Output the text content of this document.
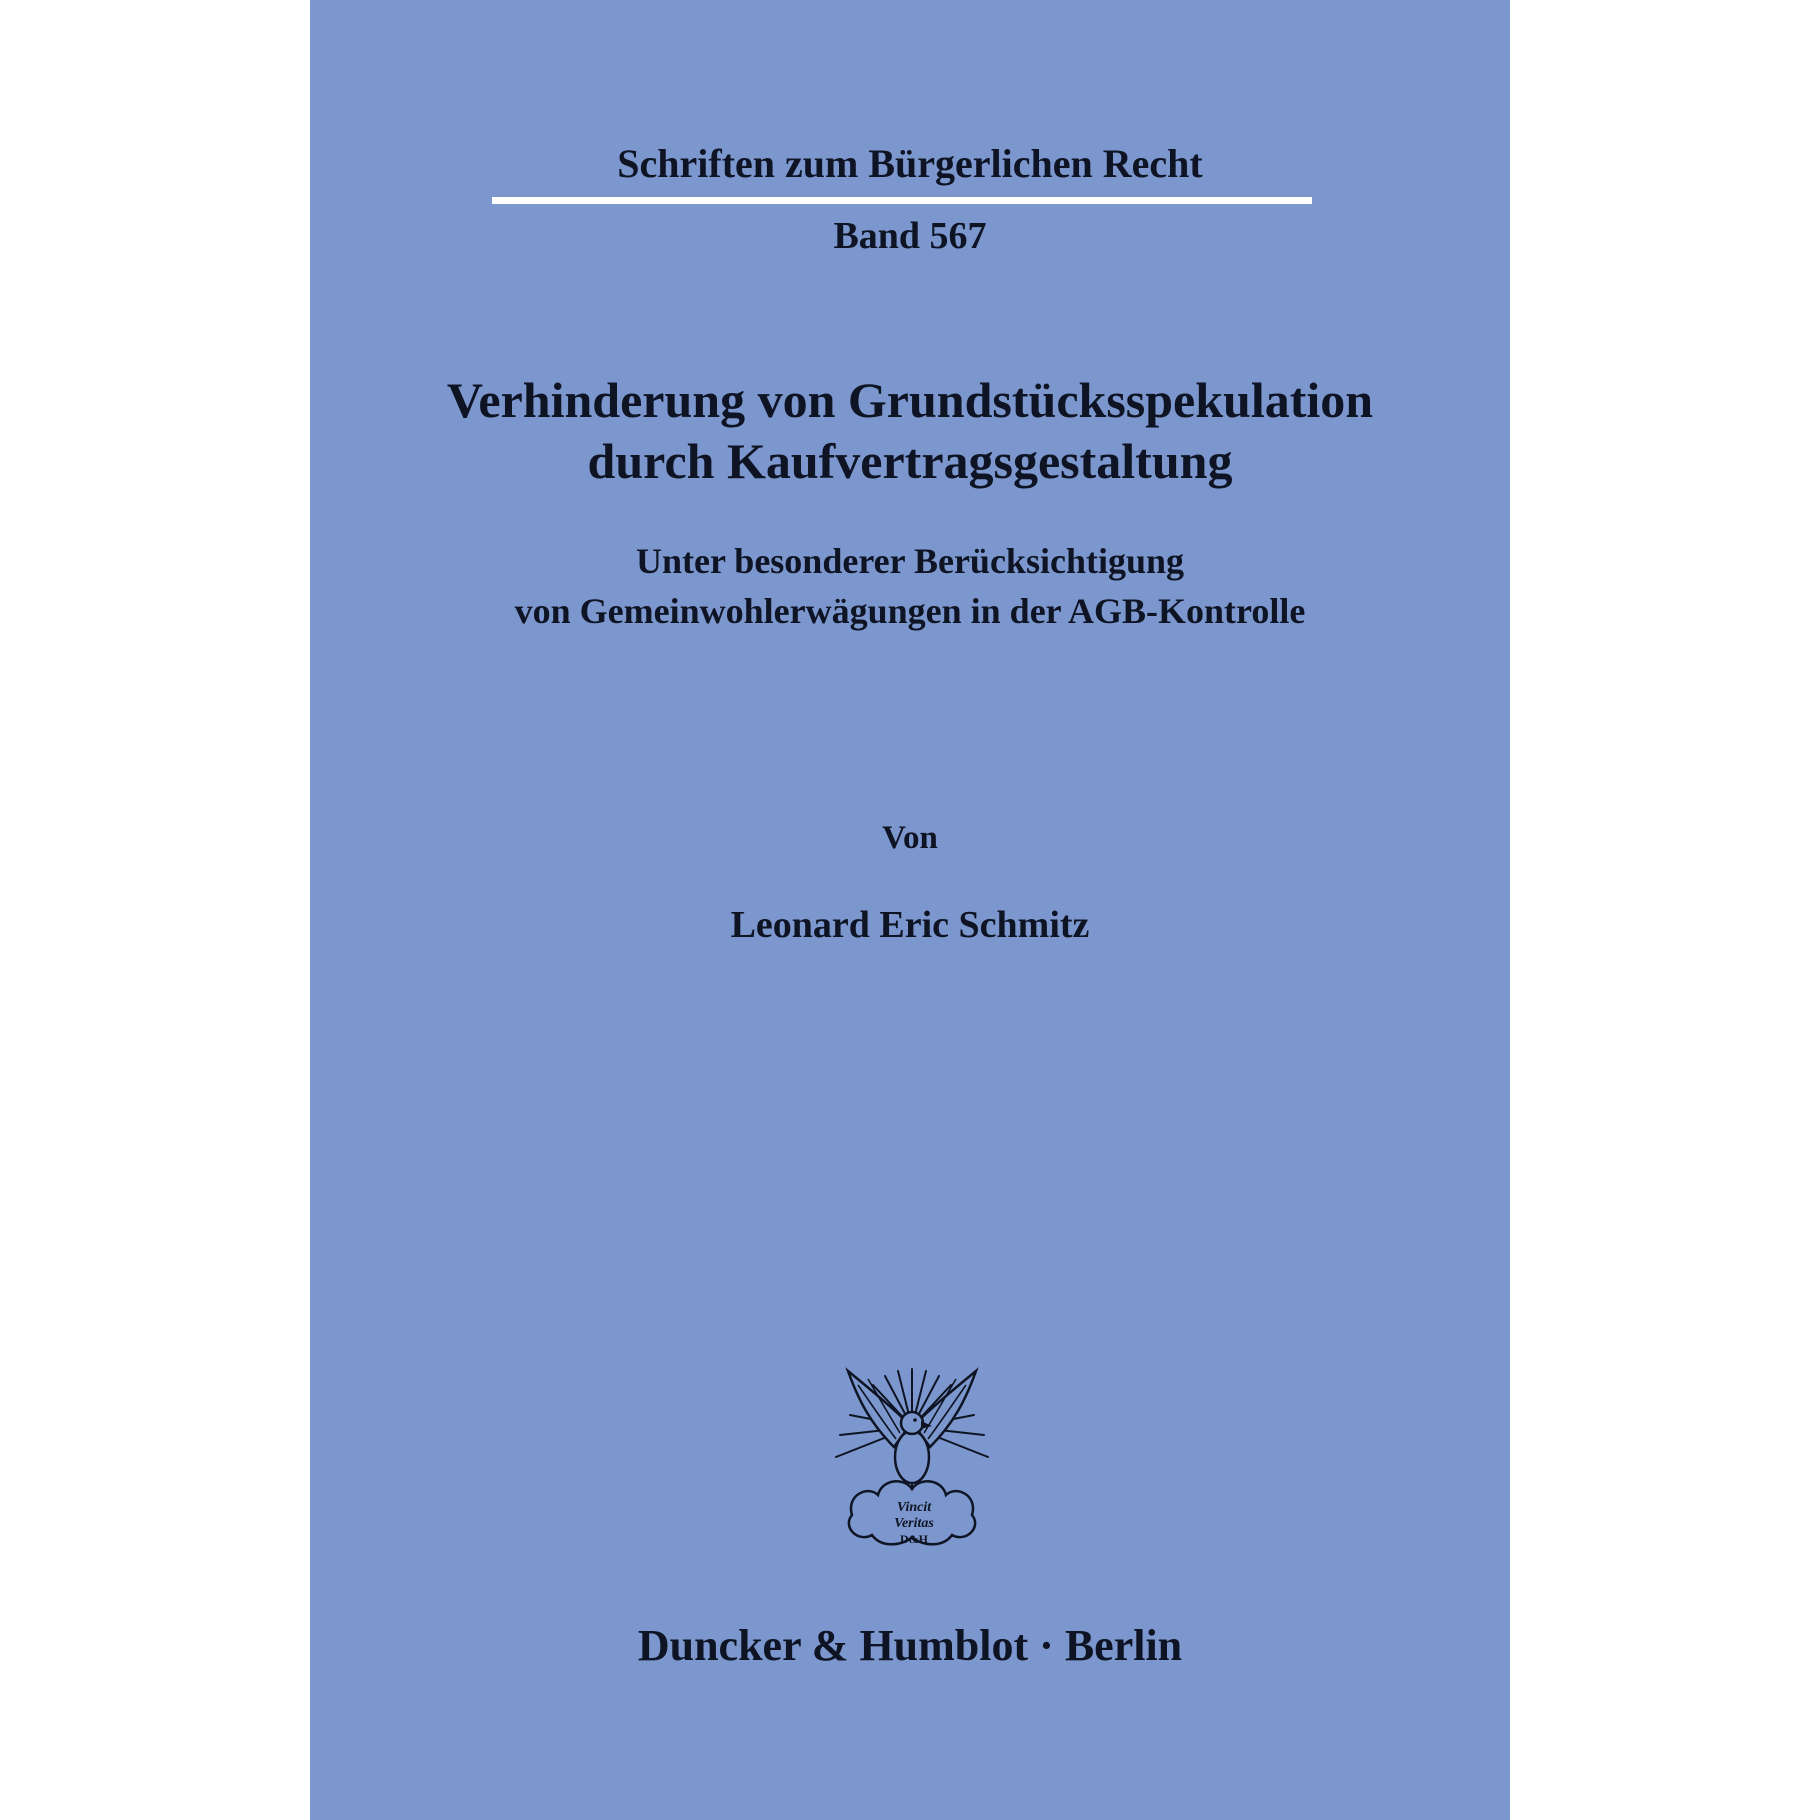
Schriften zum Bürgerlichen Recht
Band 567
Verhinderung von Grundstücksspekulation
durch Kaufvertragsgestaltung
Unter besonderer Berücksichtigung
von Gemeinwohlerwägungen in der AGB-Kontrolle
Von
Leonard Eric Schmitz
Vincit
Veritas
D&H
Duncker & Humblot · Berlin
